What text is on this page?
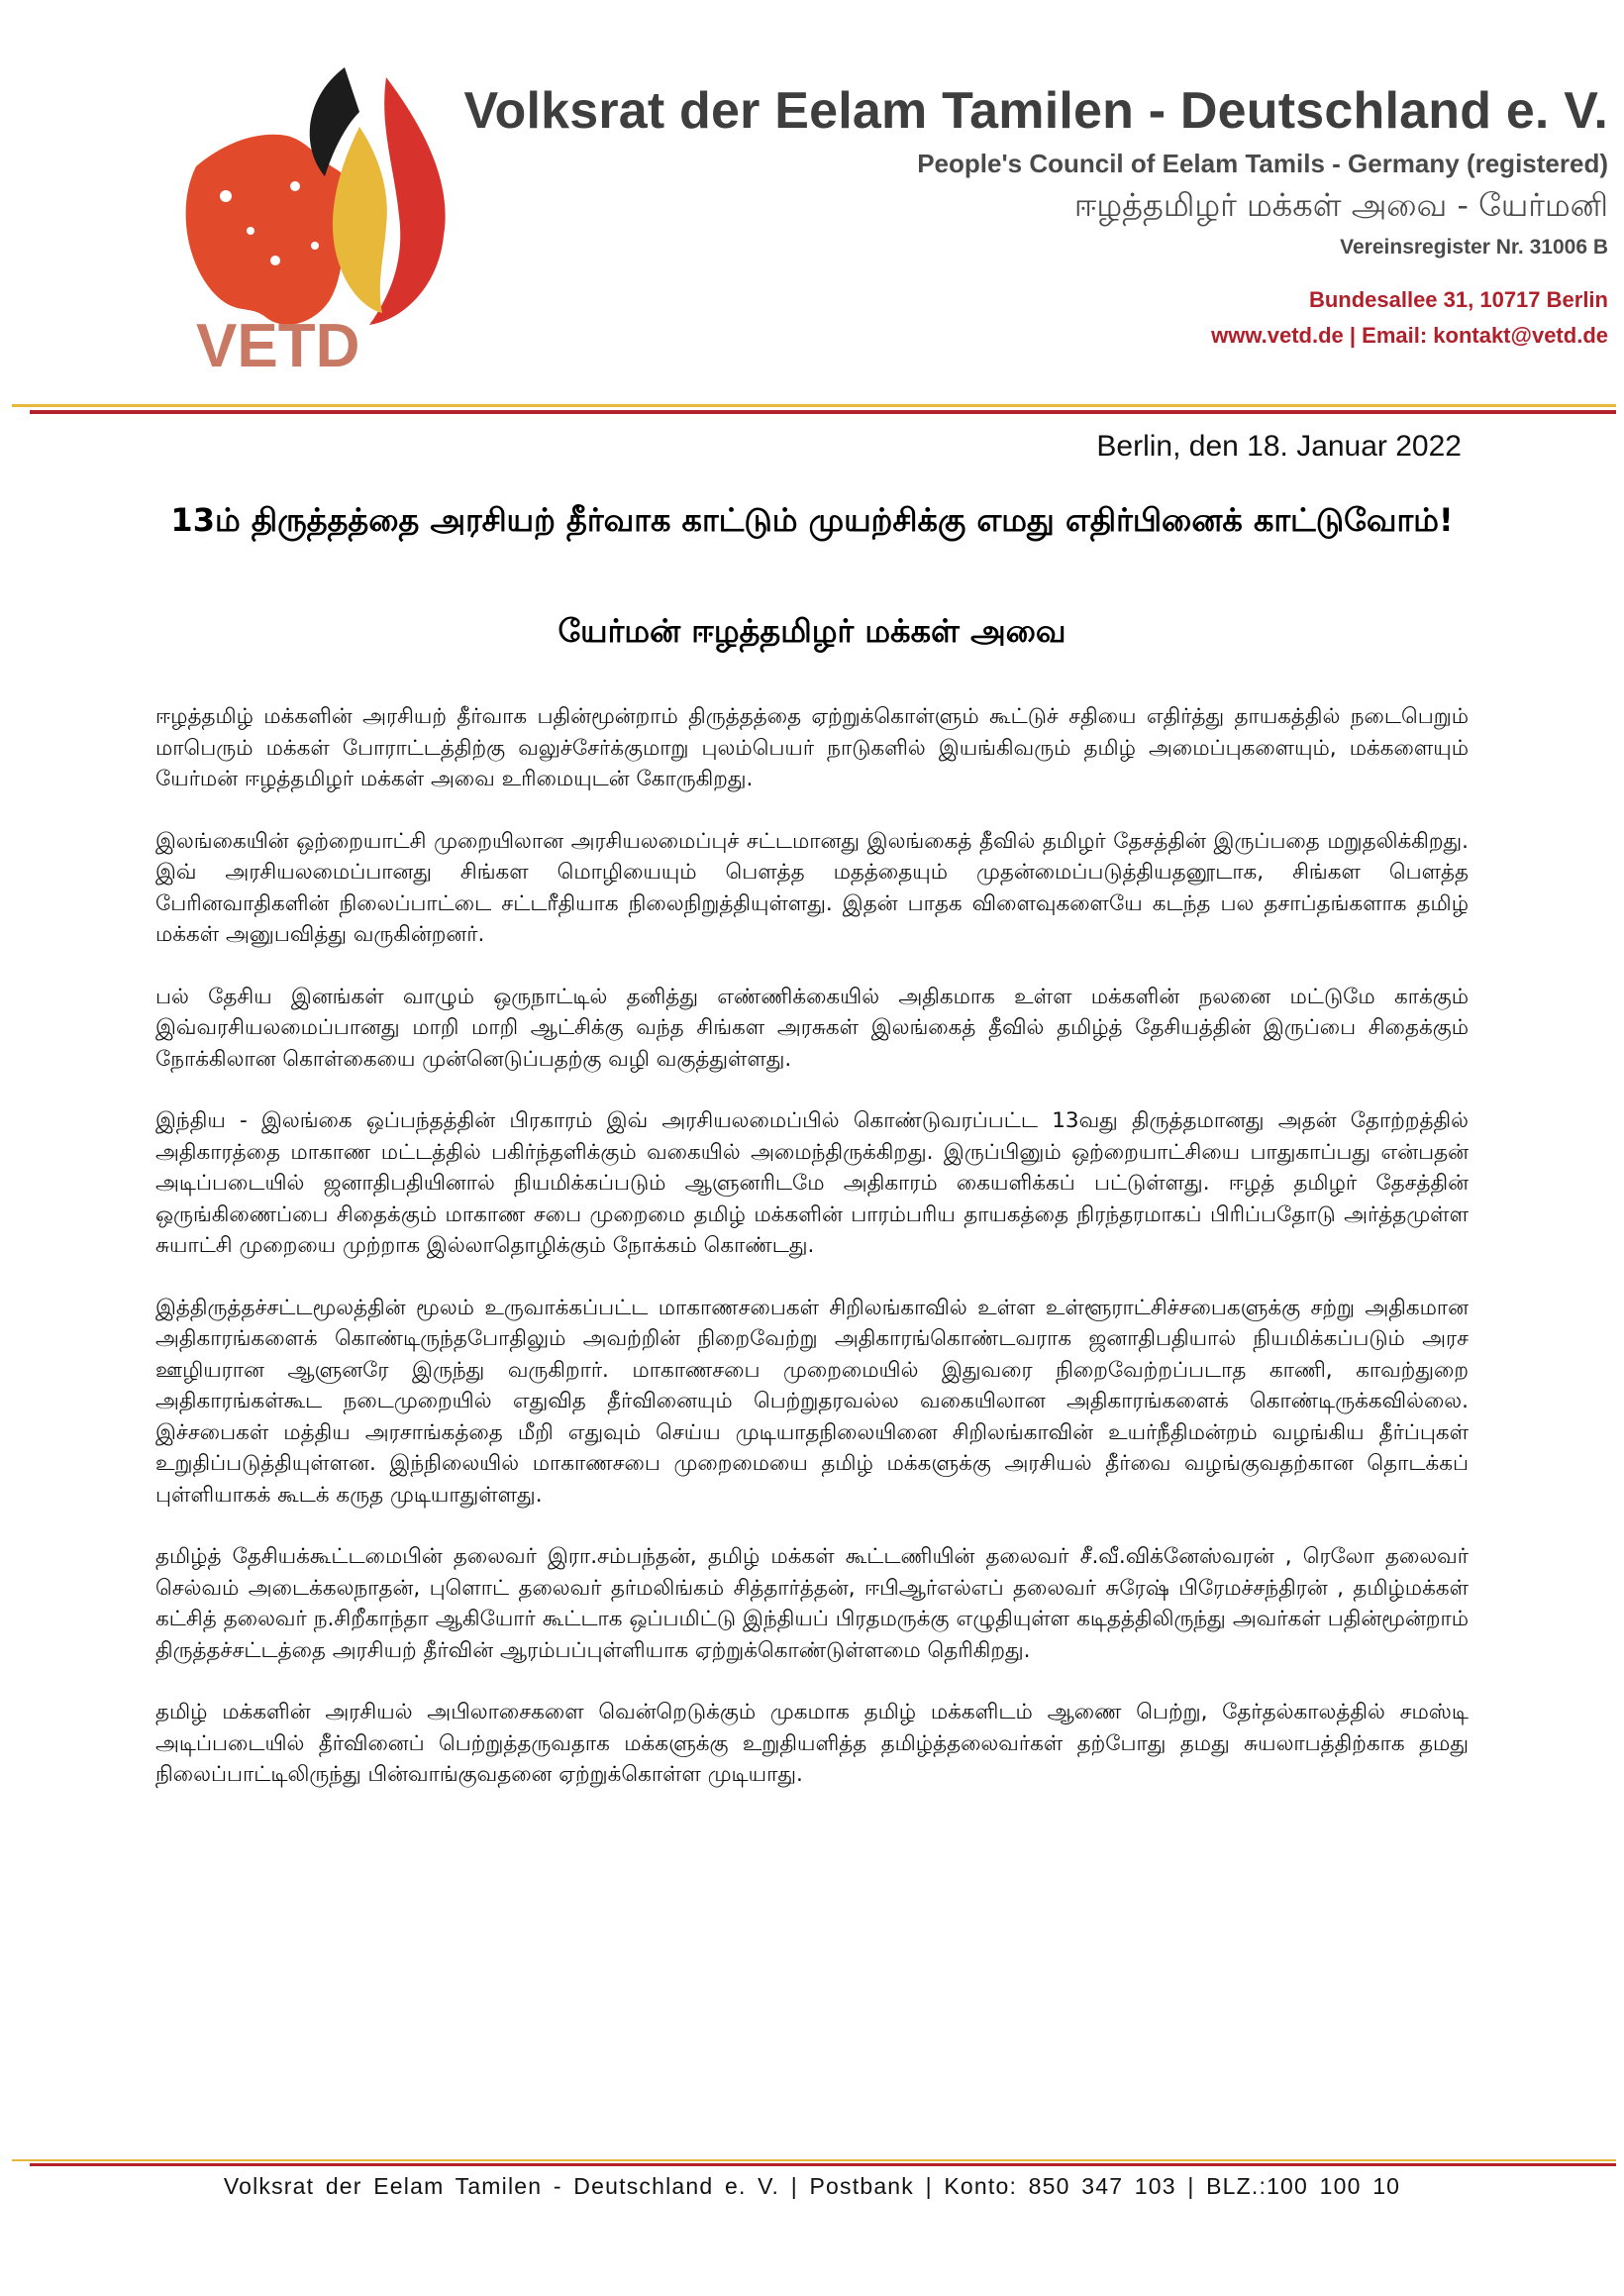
VETD
Volksrat der Eelam Tamilen - Deutschland e. V.
People's Council of Eelam Tamils - Germany (registered)
ஈழத்தமிழர் மக்கள் அவை - யேர்மனி
Vereinsregister Nr. 31006 B
Bundesallee 31, 10717 Berlin
www.vetd.de | Email: kontakt@vetd.de
Berlin, den 18. Januar 2022
13ம் திருத்தத்தை அரசியற் தீர்வாக காட்டும் முயற்சிக்கு எமது எதிர்பினைக் காட்டுவோம்!
யேர்மன் ஈழத்தமிழர் மக்கள் அவை

ஈழத்தமிழ் மக்களின் அரசியற் தீர்வாக பதின்மூன்றாம் திருத்தத்தை ஏற்றுக்கொள்ளும் கூட்டுச் சதியை எதிர்த்து தாயகத்தில் நடைபெறும் மாபெரும் மக்கள் போராட்டத்திற்கு வலுச்சேர்க்குமாறு புலம்பெயர் நாடுகளில் இயங்கிவரும் தமிழ் அமைப்புகளையும், மக்களையும் யேர்மன் ஈழத்தமிழர் மக்கள் அவை உரிமையுடன் கோருகிறது.

இலங்கையின் ஒற்றையாட்சி முறையிலான அரசியலமைப்புச் சட்டமானது இலங்கைத் தீவில் தமிழர் தேசத்தின் இருப்பதை மறுதலிக்கிறது. இவ் அரசியலமைப்பானது சிங்கள மொழியையும் பௌத்த மதத்தையும் முதன்மைப்படுத்தியதனூடாக, சிங்கள பௌத்த பேரினவாதிகளின் நிலைப்பாட்டை சட்டரீதியாக நிலைநிறுத்தியுள்ளது. இதன் பாதக விளைவுகளையே கடந்த பல தசாப்தங்களாக தமிழ் மக்கள் அனுபவித்து வருகின்றனர்.

பல் தேசிய இனங்கள் வாழும் ஒருநாட்டில் தனித்து எண்ணிக்கையில் அதிகமாக உள்ள மக்களின் நலனை மட்டுமே காக்கும் இவ்வரசியலமைப்பானது மாறி மாறி ஆட்சிக்கு வந்த சிங்கள அரசுகள் இலங்கைத் தீவில் தமிழ்த் தேசியத்தின் இருப்பை சிதைக்கும் நோக்கிலான கொள்கையை முன்னெடுப்பதற்கு வழி வகுத்துள்ளது.

இந்திய - இலங்கை ஒப்பந்தத்தின் பிரகாரம் இவ் அரசியலமைப்பில் கொண்டுவரப்பட்ட 13வது திருத்தமானது அதன் தோற்றத்தில் அதிகாரத்தை மாகாண மட்டத்தில் பகிர்ந்தளிக்கும் வகையில் அமைந்திருக்கிறது. இருப்பினும் ஒற்றையாட்சியை பாதுகாப்பது என்பதன் அடிப்படையில் ஜனாதிபதியினால் நியமிக்கப்படும் ஆளுனரிடமே அதிகாரம் கையளிக்கப் பட்டுள்ளது. ஈழத் தமிழர் தேசத்தின் ஒருங்கிணைப்பை சிதைக்கும் மாகாண சபை முறைமை தமிழ் மக்களின் பாரம்பரிய தாயகத்தை நிரந்தரமாகப் பிரிப்பதோடு அர்த்தமுள்ள சுயாட்சி முறையை முற்றாக இல்லாதொழிக்கும் நோக்கம் கொண்டது.

இத்திருத்தச்சட்டமூலத்தின் மூலம் உருவாக்கப்பட்ட மாகாணசபைகள் சிறிலங்காவில் உள்ள உள்ளூராட்சிச்சபைகளுக்கு சற்று அதிகமான அதிகாரங்களைக் கொண்டிருந்தபோதிலும் அவற்றின் நிறைவேற்று அதிகாரங்கொண்டவராக ஜனாதிபதியால் நியமிக்கப்படும் அரச ஊழியரான ஆளுனரே இருந்து வருகிறார். மாகாணசபை முறைமையில் இதுவரை நிறைவேற்றப்படாத காணி, காவற்துறை அதிகாரங்கள்கூட நடைமுறையில் எதுவித தீர்வினையும் பெற்றுதரவல்ல வகையிலான அதிகாரங்களைக் கொண்டிருக்கவில்லை. இச்சபைகள் மத்திய அரசாங்கத்தை மீறி எதுவும் செய்ய முடியாதநிலையினை சிறிலங்காவின் உயர்நீதிமன்றம் வழங்கிய தீர்ப்புகள் உறுதிப்படுத்தியுள்ளன. இந்நிலையில் மாகாணசபை முறைமையை தமிழ் மக்களுக்கு அரசியல் தீர்வை வழங்குவதற்கான தொடக்கப் புள்ளியாகக் கூடக் கருத முடியாதுள்ளது.

தமிழ்த் தேசியக்கூட்டமைபின் தலைவர் இரா.சம்பந்தன், தமிழ் மக்கள் கூட்டணியின் தலைவர் சீ.வீ.விக்னேஸ்வரன் , ரெலோ தலைவர் செல்வம் அடைக்கலநாதன், புளொட் தலைவர் தர்மலிங்கம் சித்தார்த்தன், ஈபிஆர்எல்எப் தலைவர் சுரேஷ் பிரேமச்சந்திரன் , தமிழ்மக்கள் கட்சித் தலைவர் ந.சிறீகாந்தா ஆகியோர் கூட்டாக ஒப்பமிட்டு இந்தியப் பிரதமருக்கு எழுதியுள்ள கடிதத்திலிருந்து அவர்கள் பதின்மூன்றாம் திருத்தச்சட்டத்தை அரசியற் தீர்வின் ஆரம்பப்புள்ளியாக ஏற்றுக்கொண்டுள்ளமை தெரிகிறது.

தமிழ் மக்களின் அரசியல் அபிலாசைகளை வென்றெடுக்கும் முகமாக தமிழ் மக்களிடம் ஆணை பெற்று, தேர்தல்காலத்தில் சமஸ்டி அடிப்படையில் தீர்வினைப் பெற்றுத்தருவதாக மக்களுக்கு உறுதியளித்த தமிழ்த்தலைவர்கள் தற்போது தமது சுயலாபத்திற்காக தமது நிலைப்பாட்டிலிருந்து பின்வாங்குவதனை ஏற்றுக்கொள்ள முடியாது.

Volksrat der Eelam Tamilen - Deutschland e. V. | Postbank | Konto: 850 347 103 | BLZ.:100 100 10
